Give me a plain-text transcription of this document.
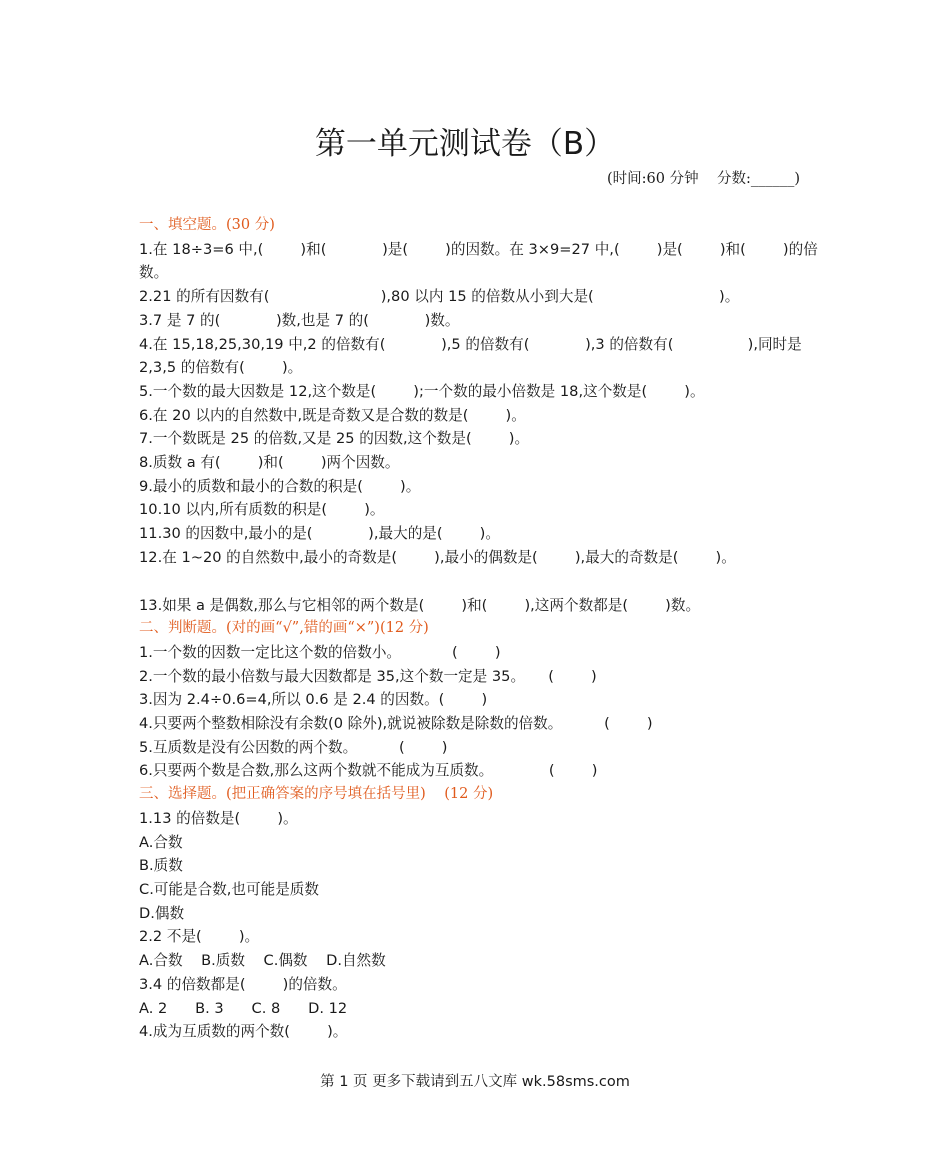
第一单元测试卷（B）
(时间:60 分钟    分数:______)
一、填空题。(30 分)
1.在 18÷3=6 中,(        )和(            )是(        )的因数。在 3×9=27 中,(        )是(        )和(        )的倍数。
2.21 的所有因数有(                        ),80 以内 15 的倍数从小到大是(                           )。
3.7 是 7 的(            )数,也是 7 的(            )数。
4.在 15,18,25,30,19 中,2 的倍数有(            ),5 的倍数有(            ),3 的倍数有(                ),同时是2,3,5 的倍数有(        )。
5.一个数的最大因数是 12,这个数是(        );一个数的最小倍数是 18,这个数是(        )。
6.在 20 以内的自然数中,既是奇数又是合数的数是(        )。
7.一个数既是 25 的倍数,又是 25 的因数,这个数是(        )。
8.质数 a 有(        )和(        )两个因数。
9.最小的质数和最小的合数的积是(        )。
10.10 以内,所有质数的积是(        )。
11.30 的因数中,最小的是(            ),最大的是(        )。
12.在 1~20 的自然数中,最小的奇数是(        ),最小的偶数是(        ),最大的奇数是(        )。
13.如果 a 是偶数,那么与它相邻的两个数是(        )和(        ),这两个数都是(        )数。
二、判断题。(对的画“√”,错的画“×”)(12 分)
1.一个数的因数一定比这个数的倍数小。           (        )
2.一个数的最小倍数与最大因数都是 35,这个数一定是 35。     (        )
3.因为 2.4÷0.6=4,所以 0.6 是 2.4 的因数。(        )
4.只要两个整数相除没有余数(0 除外),就说被除数是除数的倍数。         (        )
5.互质数是没有公因数的两个数。         (        )
6.只要两个数是合数,那么这两个数就不能成为互质数。            (        )
三、选择题。(把正确答案的序号填在括号里)    (12 分)
1.13 的倍数是(        )。
A.合数
B.质数
C.可能是合数,也可能是质数
D.偶数
2.2 不是(        )。
A.合数    B.质数    C.偶数    D.自然数
3.4 的倍数都是(        )的倍数。
A. 2      B. 3      C. 8      D. 12
4.成为互质数的两个数(        )。
第 1 页 更多下载请到五八文库 wk.58sms.com
